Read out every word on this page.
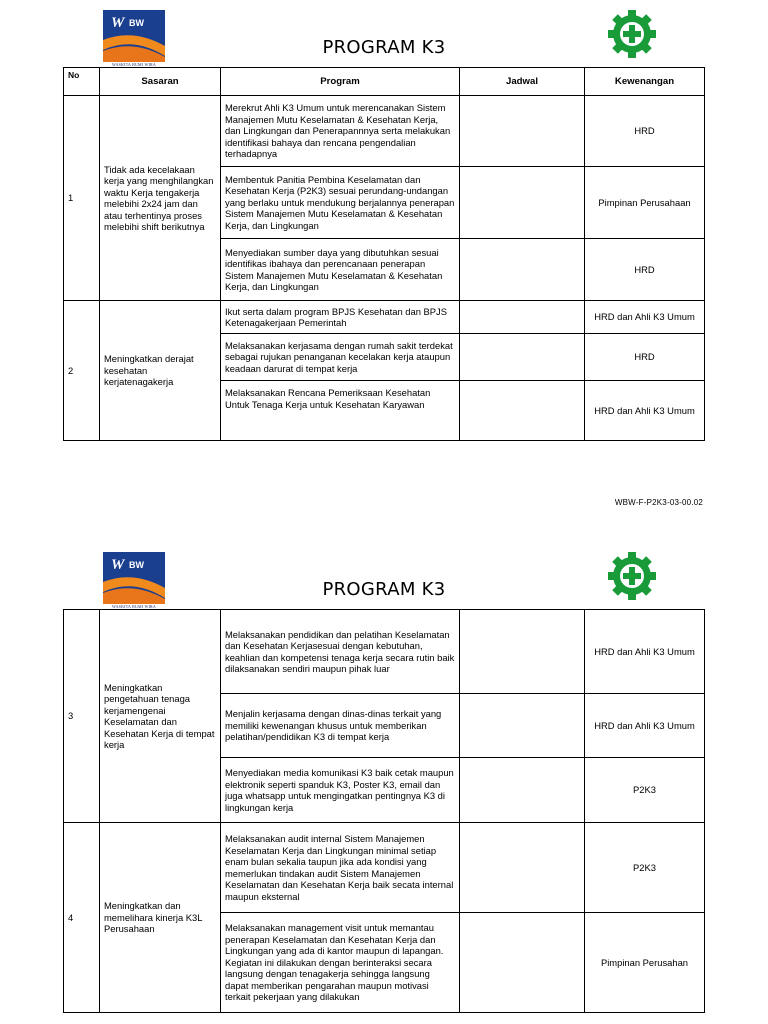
W BW
WASKITA BUMI WIRA
PROGRAM K3
No	Sasaran	Program	Jadwal	Kewenangan
1	Tidak ada kecelakaan kerja yang menghilangkan waktu Kerja tengakerja melebihi 2x24 jam dan atau terhentinya proses melebihi shift berikutnya	Merekrut Ahli K3 Umum untuk merencanakan Sistem Manajemen Mutu Keselamatan & Kesehatan Kerja, dan Lingkungan dan Penerapannnya serta melakukan identifikasi bahaya dan rencana pengendalian terhadapnya		HRD
		Membentuk Panitia Pembina Keselamatan dan Kesehatan Kerja (P2K3) sesuai perundang-undangan yang berlaku untuk mendukung berjalannya penerapan Sistem Manajemen Mutu Keselamatan & Kesehatan Kerja, dan Lingkungan		Pimpinan Perusahaan
		Menyediakan sumber daya yang dibutuhkan sesuai identifikas ibahaya dan perencanaan penerapan Sistem Manajemen Mutu Keselamatan & Kesehatan Kerja, dan Lingkungan		HRD
2	Meningkatkan derajat kesehatan kerjatenagakerja	Ikut serta dalam program BPJS Kesehatan dan BPJS Ketenagakerjaan Pemerintah		HRD dan Ahli K3 Umum
		Melaksanakan kerjasama dengan rumah sakit terdekat sebagai rujukan penanganan kecelakan kerja ataupun keadaan darurat di tempat kerja		HRD
		Melaksanakan Rencana Pemeriksaan Kesehatan Untuk Tenaga Kerja untuk Kesehatan Karyawan		HRD dan Ahli K3 Umum
WBW-F-P2K3-03-00.02
W BW
WASKITA BUMI WIRA
PROGRAM K3
3	Meningkatkan pengetahuan tenaga kerjamengenai Keselamatan dan Kesehatan Kerja di tempat kerja	Melaksanakan pendidikan dan pelatihan Keselamatan dan Kesehatan Kerjasesuai dengan kebutuhan, keahlian dan kompetensi tenaga kerja secara rutin baik dilaksanakan sendiri maupun pihak luar		HRD dan Ahli K3 Umum
		Menjalin kerjasama dengan dinas-dinas terkait yang memiliki kewenangan khusus untuk memberikan pelatihan/pendidikan K3 di tempat kerja		HRD dan Ahli K3 Umum
		Menyediakan media komunikasi K3 baik cetak maupun elektronik seperti spanduk K3, Poster K3, email dan juga whatsapp untuk mengingatkan pentingnya K3 di lingkungan kerja		P2K3
4	Meningkatkan dan memelihara kinerja K3L Perusahaan	Melaksanakan audit internal Sistem Manajemen Keselamatan Kerja dan Lingkungan minimal setiap enam bulan sekalia taupun jika ada kondisi yang memerlukan tindakan audit Sistem Manajemen Keselamatan dan Kesehatan Kerja baik secata internal maupun eksternal		P2K3
		Melaksanakan management visit untuk memantau penerapan Keselamatan dan Kesehatan Kerja dan Lingkungan yang ada di kantor maupun di lapangan. Kegiatan ini dilakukan dengan berinteraksi secara langsung dengan tenagakerja sehingga langsung dapat memberikan pengarahan maupun motivasi terkait pekerjaan yang dilakukan		Pimpinan Perusahan
